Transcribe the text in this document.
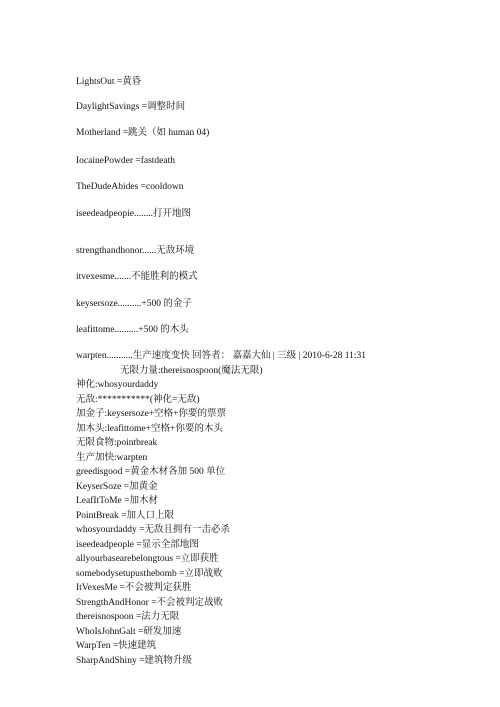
LightsOut =黄昏
DaylightSavings =调整时间
Motherland =跳关（如 human 04)
IocainePowder =fastdeath
TheDudeAbides =cooldown
iseedeadpeopie........打开地图
strengthandhonor......无敌环境
itvexesme.......不能胜利的模式
keysersoze..........+500 的金子
leafittome..........+500 的木头
warpten...........生产速度变快 回答者： 嘉嘉大仙 | 三级 | 2010-6-28 11:31
无限力量:thereisnospoon(魔法无限)
神化:whosyourdaddy
无敌:***********(神化=无敌)
加金子:keysersoze+空格+你要的票票
加木头:leafittome+空格+你要的木头
无限食物:pointbreak
生产加快:warpten
greedisgood =黄金木材各加 500 单位
KeyserSoze =加黄金
LeafItToMe =加木材
PointBreak =加人口上限
whosyourdaddy =无敌且拥有一击必杀
iseedeadpeople =显示全部地图
allyourbasearebelongtous =立即获胜
somebodysetupusthebomb =立即战败
ItVexesMe =不会被判定获胜
StrengthAndHonor =不会被判定战败
thereisnospoon =法力无限
WhoIsJohnGalt =研发加速
WarpTen =快速建筑
SharpAndShiny =建筑物升级
